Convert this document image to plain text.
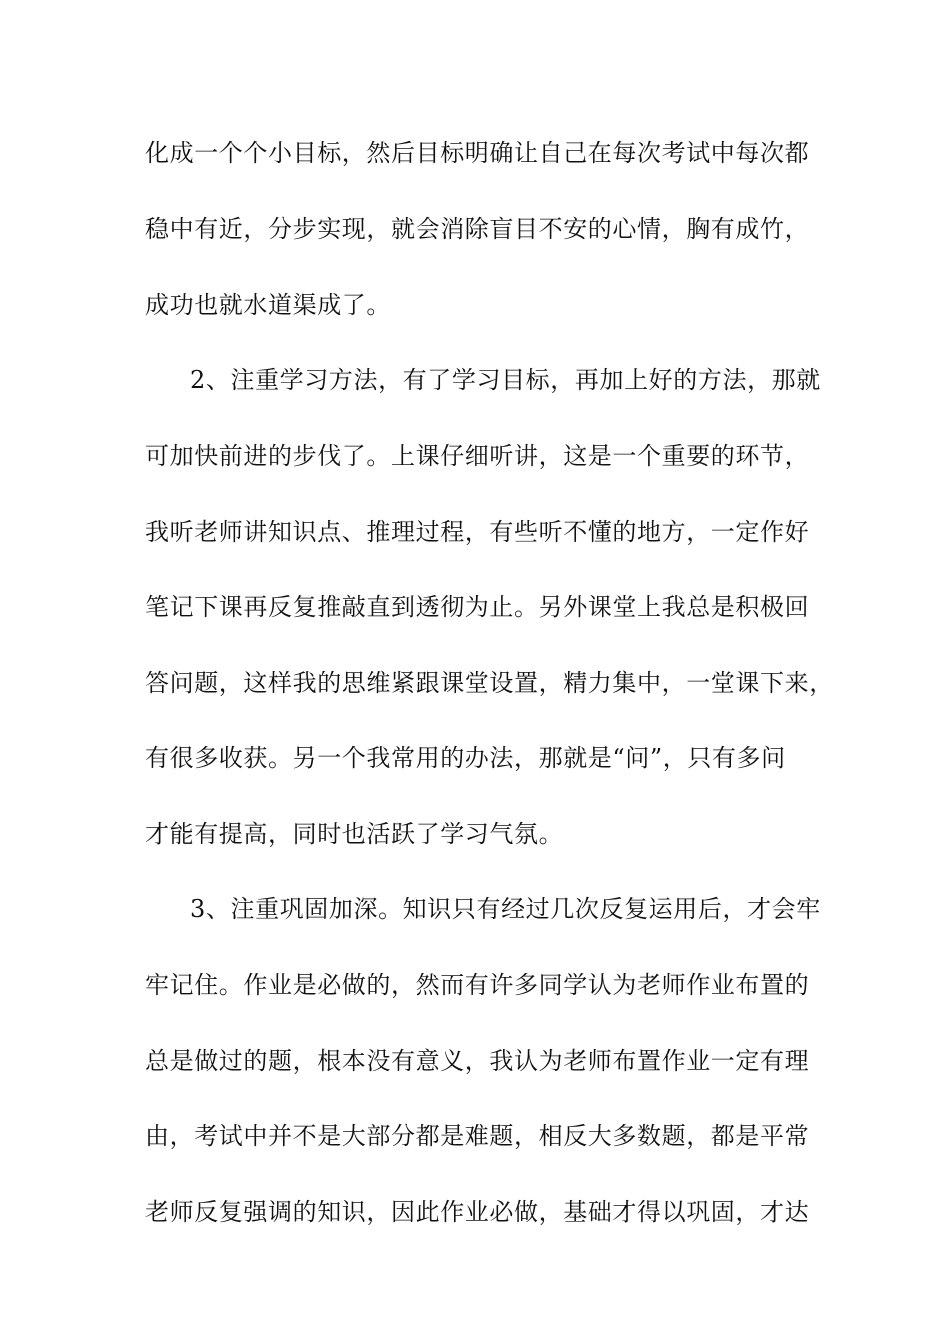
化成一个个小目标，然后目标明确让自己在每次考试中每次都
稳中有近，分步实现，就会消除盲目不安的心情，胸有成竹，
成功也就水道渠成了。
2、注重学习方法，有了学习目标，再加上好的方法，那就
可加快前进的步伐了。上课仔细听讲，这是一个重要的环节，
我听老师讲知识点、推理过程，有些听不懂的地方，一定作好
笔记下课再反复推敲直到透彻为止。另外课堂上我总是积极回
答问题，这样我的思维紧跟课堂设置，精力集中，一堂课下来，
有很多收获。另一个我常用的办法，那就是“问”，只有多问
才能有提高，同时也活跃了学习气氛。
3、注重巩固加深。知识只有经过几次反复运用后，才会牢
牢记住。作业是必做的，然而有许多同学认为老师作业布置的
总是做过的题，根本没有意义，我认为老师布置作业一定有理
由，考试中并不是大部分都是难题，相反大多数题，都是平常
老师反复强调的知识，因此作业必做，基础才得以巩固，才达
